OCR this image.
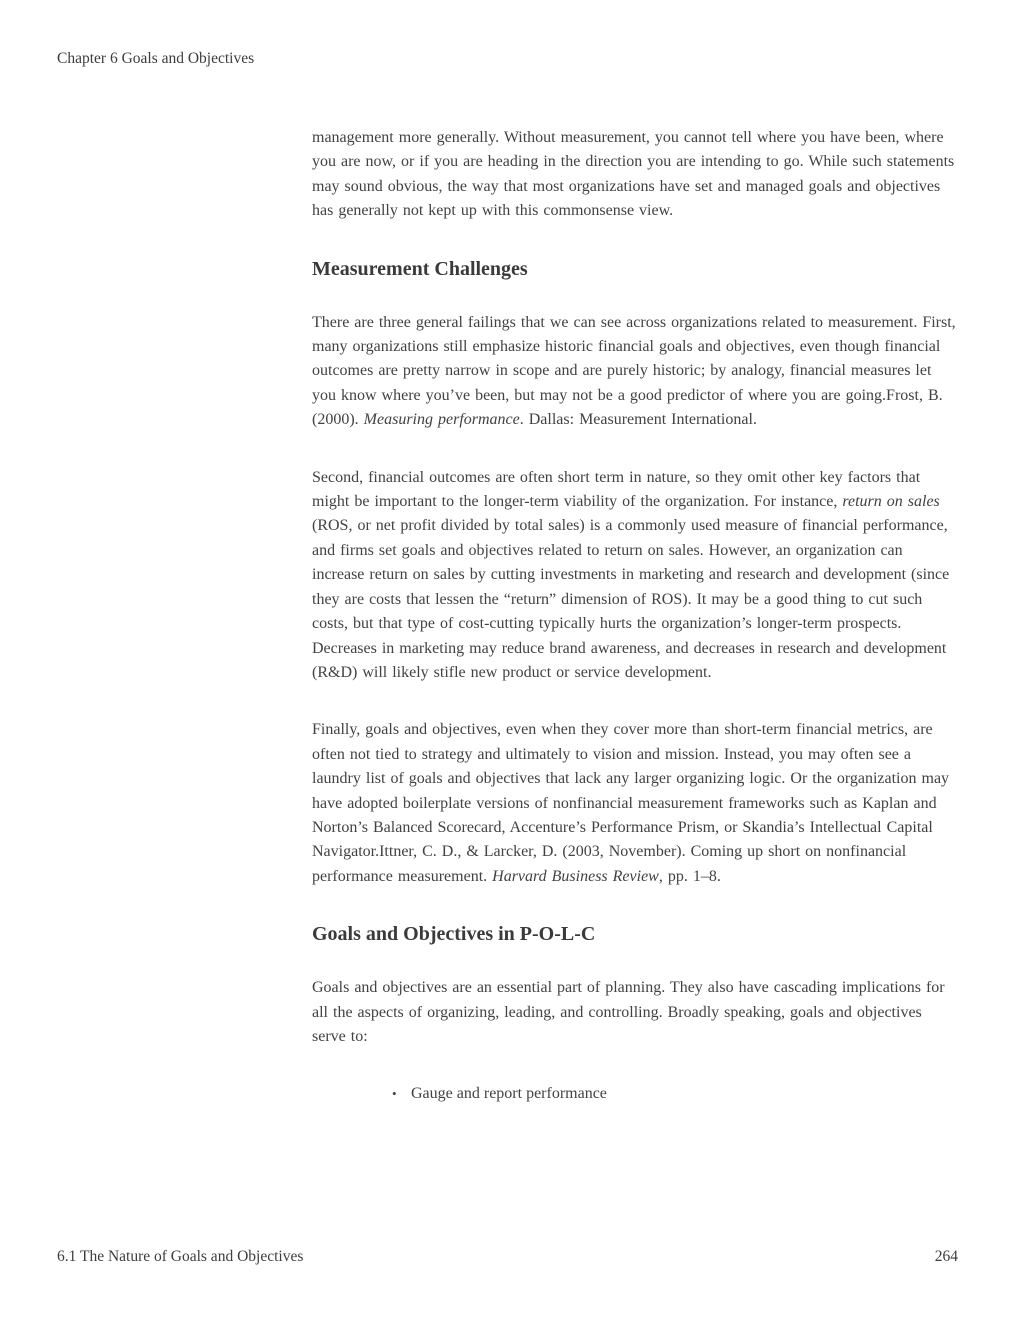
Chapter 6 Goals and Objectives

management more generally. Without measurement, you cannot tell where you have been, where you are now, or if you are heading in the direction you are intending to go. While such statements may sound obvious, the way that most organizations have set and managed goals and objectives has generally not kept up with this commonsense view.

Measurement Challenges

There are three general failings that we can see across organizations related to measurement. First, many organizations still emphasize historic financial goals and objectives, even though financial outcomes are pretty narrow in scope and are purely historic; by analogy, financial measures let you know where you’ve been, but may not be a good predictor of where you are going.Frost, B. (2000). Measuring performance. Dallas: Measurement International.

Second, financial outcomes are often short term in nature, so they omit other key factors that might be important to the longer-term viability of the organization. For instance, return on sales (ROS, or net profit divided by total sales) is a commonly used measure of financial performance, and firms set goals and objectives related to return on sales. However, an organization can increase return on sales by cutting investments in marketing and research and development (since they are costs that lessen the “return” dimension of ROS). It may be a good thing to cut such costs, but that type of cost-cutting typically hurts the organization’s longer-term prospects. Decreases in marketing may reduce brand awareness, and decreases in research and development (R&D) will likely stifle new product or service development.

Finally, goals and objectives, even when they cover more than short-term financial metrics, are often not tied to strategy and ultimately to vision and mission. Instead, you may often see a laundry list of goals and objectives that lack any larger organizing logic. Or the organization may have adopted boilerplate versions of nonfinancial measurement frameworks such as Kaplan and Norton’s Balanced Scorecard, Accenture’s Performance Prism, or Skandia’s Intellectual Capital Navigator.Ittner, C. D., & Larcker, D. (2003, November). Coming up short on nonfinancial performance measurement. Harvard Business Review, pp. 1–8.

Goals and Objectives in P-O-L-C

Goals and objectives are an essential part of planning. They also have cascading implications for all the aspects of organizing, leading, and controlling. Broadly speaking, goals and objectives serve to:

• Gauge and report performance
6.1 The Nature of Goals and Objectives	264
